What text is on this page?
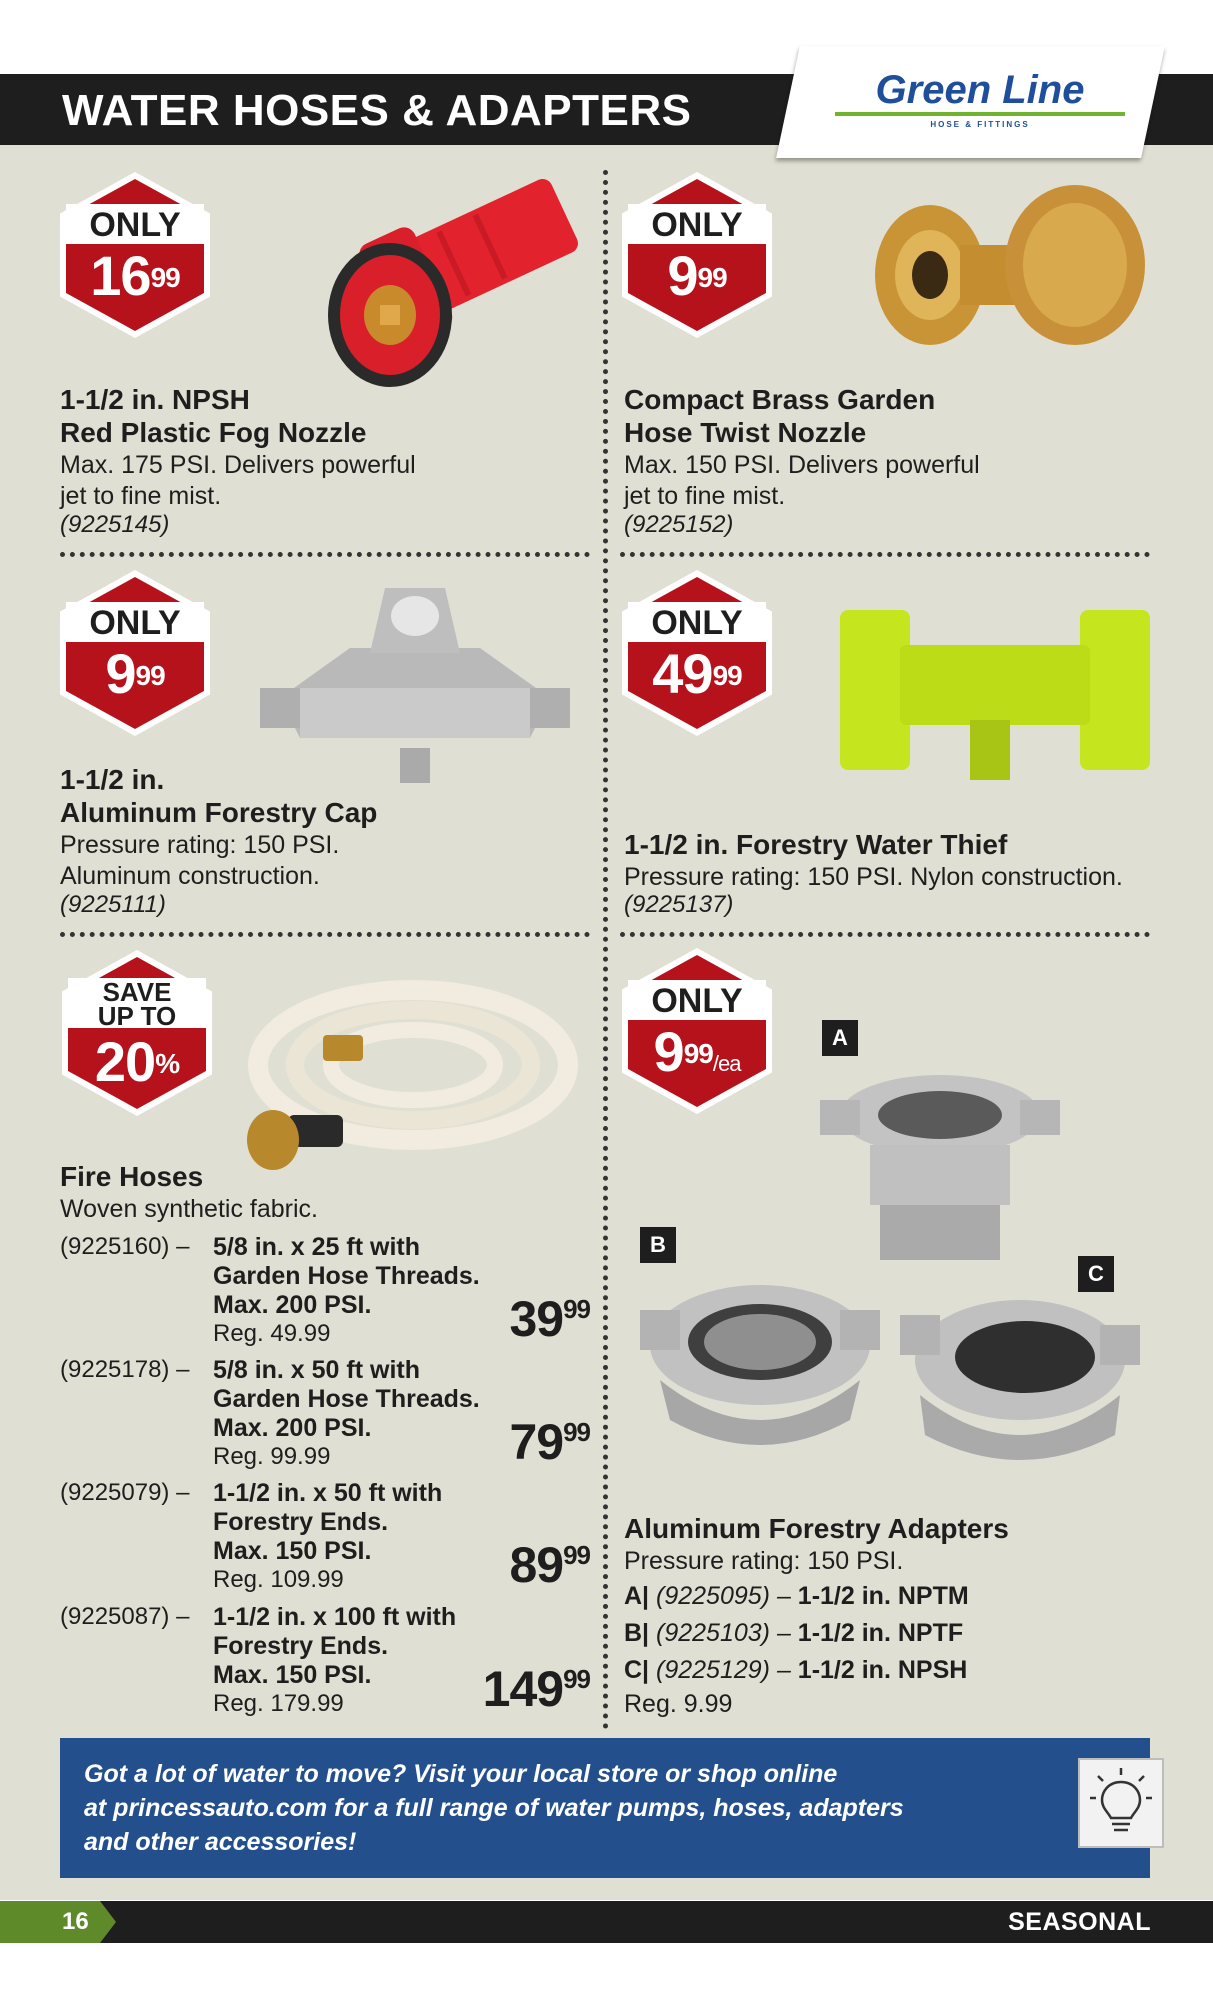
WATER HOSES & ADAPTERS	Green Line
HOSE & FITTINGS
ONLY
$16^{99}$
1-1/2 in. NPSH
Red Plastic Fog Nozzle
Max. 175 PSI. Delivers powerful
jet to fine mist.
(9225145)
ONLY
$9^{99}$
Compact Brass Garden
Hose Twist Nozzle
Max. 150 PSI. Delivers powerful
jet to fine mist.
(9225152)
ONLY
$9^{99}$
1-1/2 in.
Aluminum Forestry Cap
Pressure rating: 150 PSI.
Aluminum construction.
(9225111)
ONLY
$49^{99}$
1-1/2 in. Forestry Water Thief
Pressure rating: 150 PSI. Nylon construction.
(9225137)
SAVE
UP TO
20%
Fire Hoses
Woven synthetic fabric.
(9225160) – 5/8 in. x 25 ft with
Garden Hose Threads.
Max. 200 PSI.
Reg. 49.99	$39^{99}$
(9225178) – 5/8 in. x 50 ft with
Garden Hose Threads.
Max. 200 PSI.
Reg. 99.99	$79^{99}$
(9225079) – 1-1/2 in. x 50 ft with
Forestry Ends.
Max. 150 PSI.
Reg. 109.99	$89^{99}$
(9225087) – 1-1/2 in. x 100 ft with
Forestry Ends.
Max. 150 PSI.
Reg. 179.99	$149^{99}$
ONLY
$9^{99}/ea$
A
B
C
Aluminum Forestry Adapters
Pressure rating: 150 PSI.
A| (9225095) – 1-1/2 in. NPTM
B| (9225103) – 1-1/2 in. NPTF
C| (9225129) – 1-1/2 in. NPSH
Reg. 9.99
Got a lot of water to move? Visit your local store or shop online
at princessauto.com for a full range of water pumps, hoses, adapters
and other accessories!
16	SEASONAL
